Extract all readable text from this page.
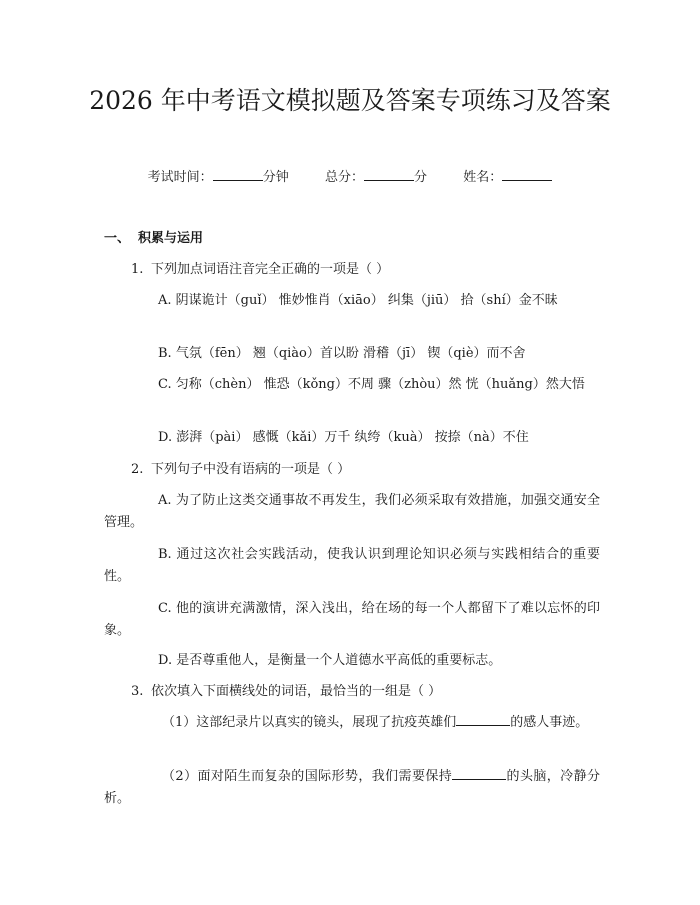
2026 年中考语文模拟题及答案专项练习及答案
考试时间：	分钟	总分：	分	姓名：
一、 积累与运用
1. 下列加点词语注音完全正确的一项是（ ）

A. 阴谋诡计（guǐ） 惟妙惟肖（xiāo） 纠集（jiū） 拾（shí）金不昧

B. 气氛（fēn） 翘（qiào）首以盼 滑稽（jī） 锲（qiè）而不舍

C. 匀称（chèn） 惟恐（kǒng）不周 骤（zhòu）然 恍（huǎng）然大悟

D. 澎湃（pài） 感慨（kǎi）万千 纨绔（kuà） 按捺（nà）不住
2. 下列句子中没有语病的一项是（ ）

A. 为了防止这类交通事故不再发生，我们必须采取有效措施，加强交通安全管理。

B. 通过这次社会实践活动，使我认识到理论知识必须与实践相结合的重要性。

C. 他的演讲充满激情，深入浅出，给在场的每一个人都留下了难以忘怀的印象。

D. 是否尊重他人，是衡量一个人道德水平高低的重要标志。
3. 依次填入下面横线处的词语，最恰当的一组是（ ）

（1）这部纪录片以真实的镜头，展现了抗疫英雄们	的感人事迹。

（2）面对陌生而复杂的国际形势，我们需要保持	的头脑，冷静分析。
